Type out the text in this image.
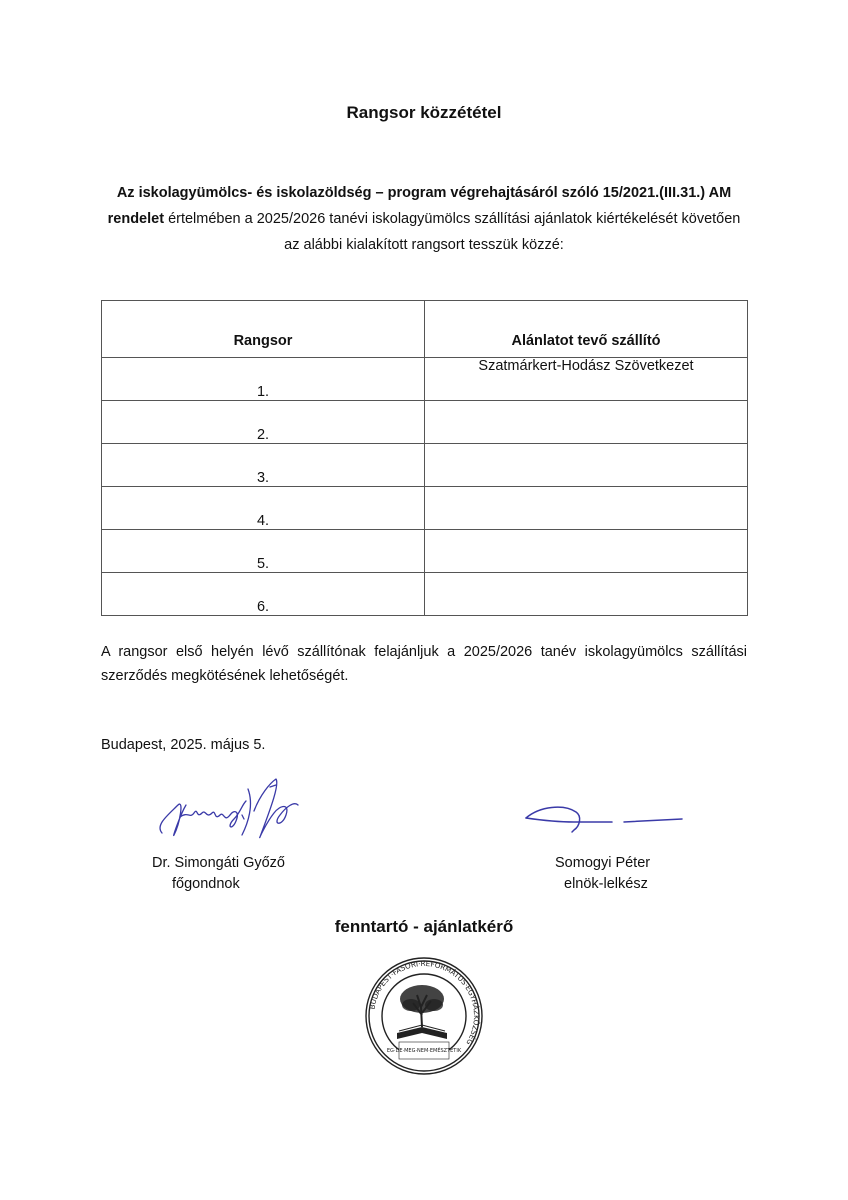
Rangsor közzététel
Az iskolagyümölcs- és iskolazöldség – program végrehajtásáról szóló 15/2021.(III.31.) AM rendelet értelmében a 2025/2026 tanévi iskolagyümölcs szállítási ajánlatok kiértékelését követően az alábbi kialakított rangsort tesszük közzé:
Rangsor	Alánlatot tevő szállító
1.	Szatmárkert-Hodász Szövetkezet
2.	
3.	
4.	
5.	
6.	
A rangsor első helyén lévő szállítónak felajánljuk a 2025/2026 tanév iskolagyümölcs szállítási szerződés megkötésének lehetőségét.
Budapest, 2025. május 5.
Dr. Simongáti Győző
főgondnok
Somogyi Péter
elnök-lelkész
fenntartó - ajánlatkérő
BUDAPEST·FASORI·REFORMÁTUS·EGYHÁZKÖZSÉG
EG·DE·MEG·NEM·EMÉSZTETIK
